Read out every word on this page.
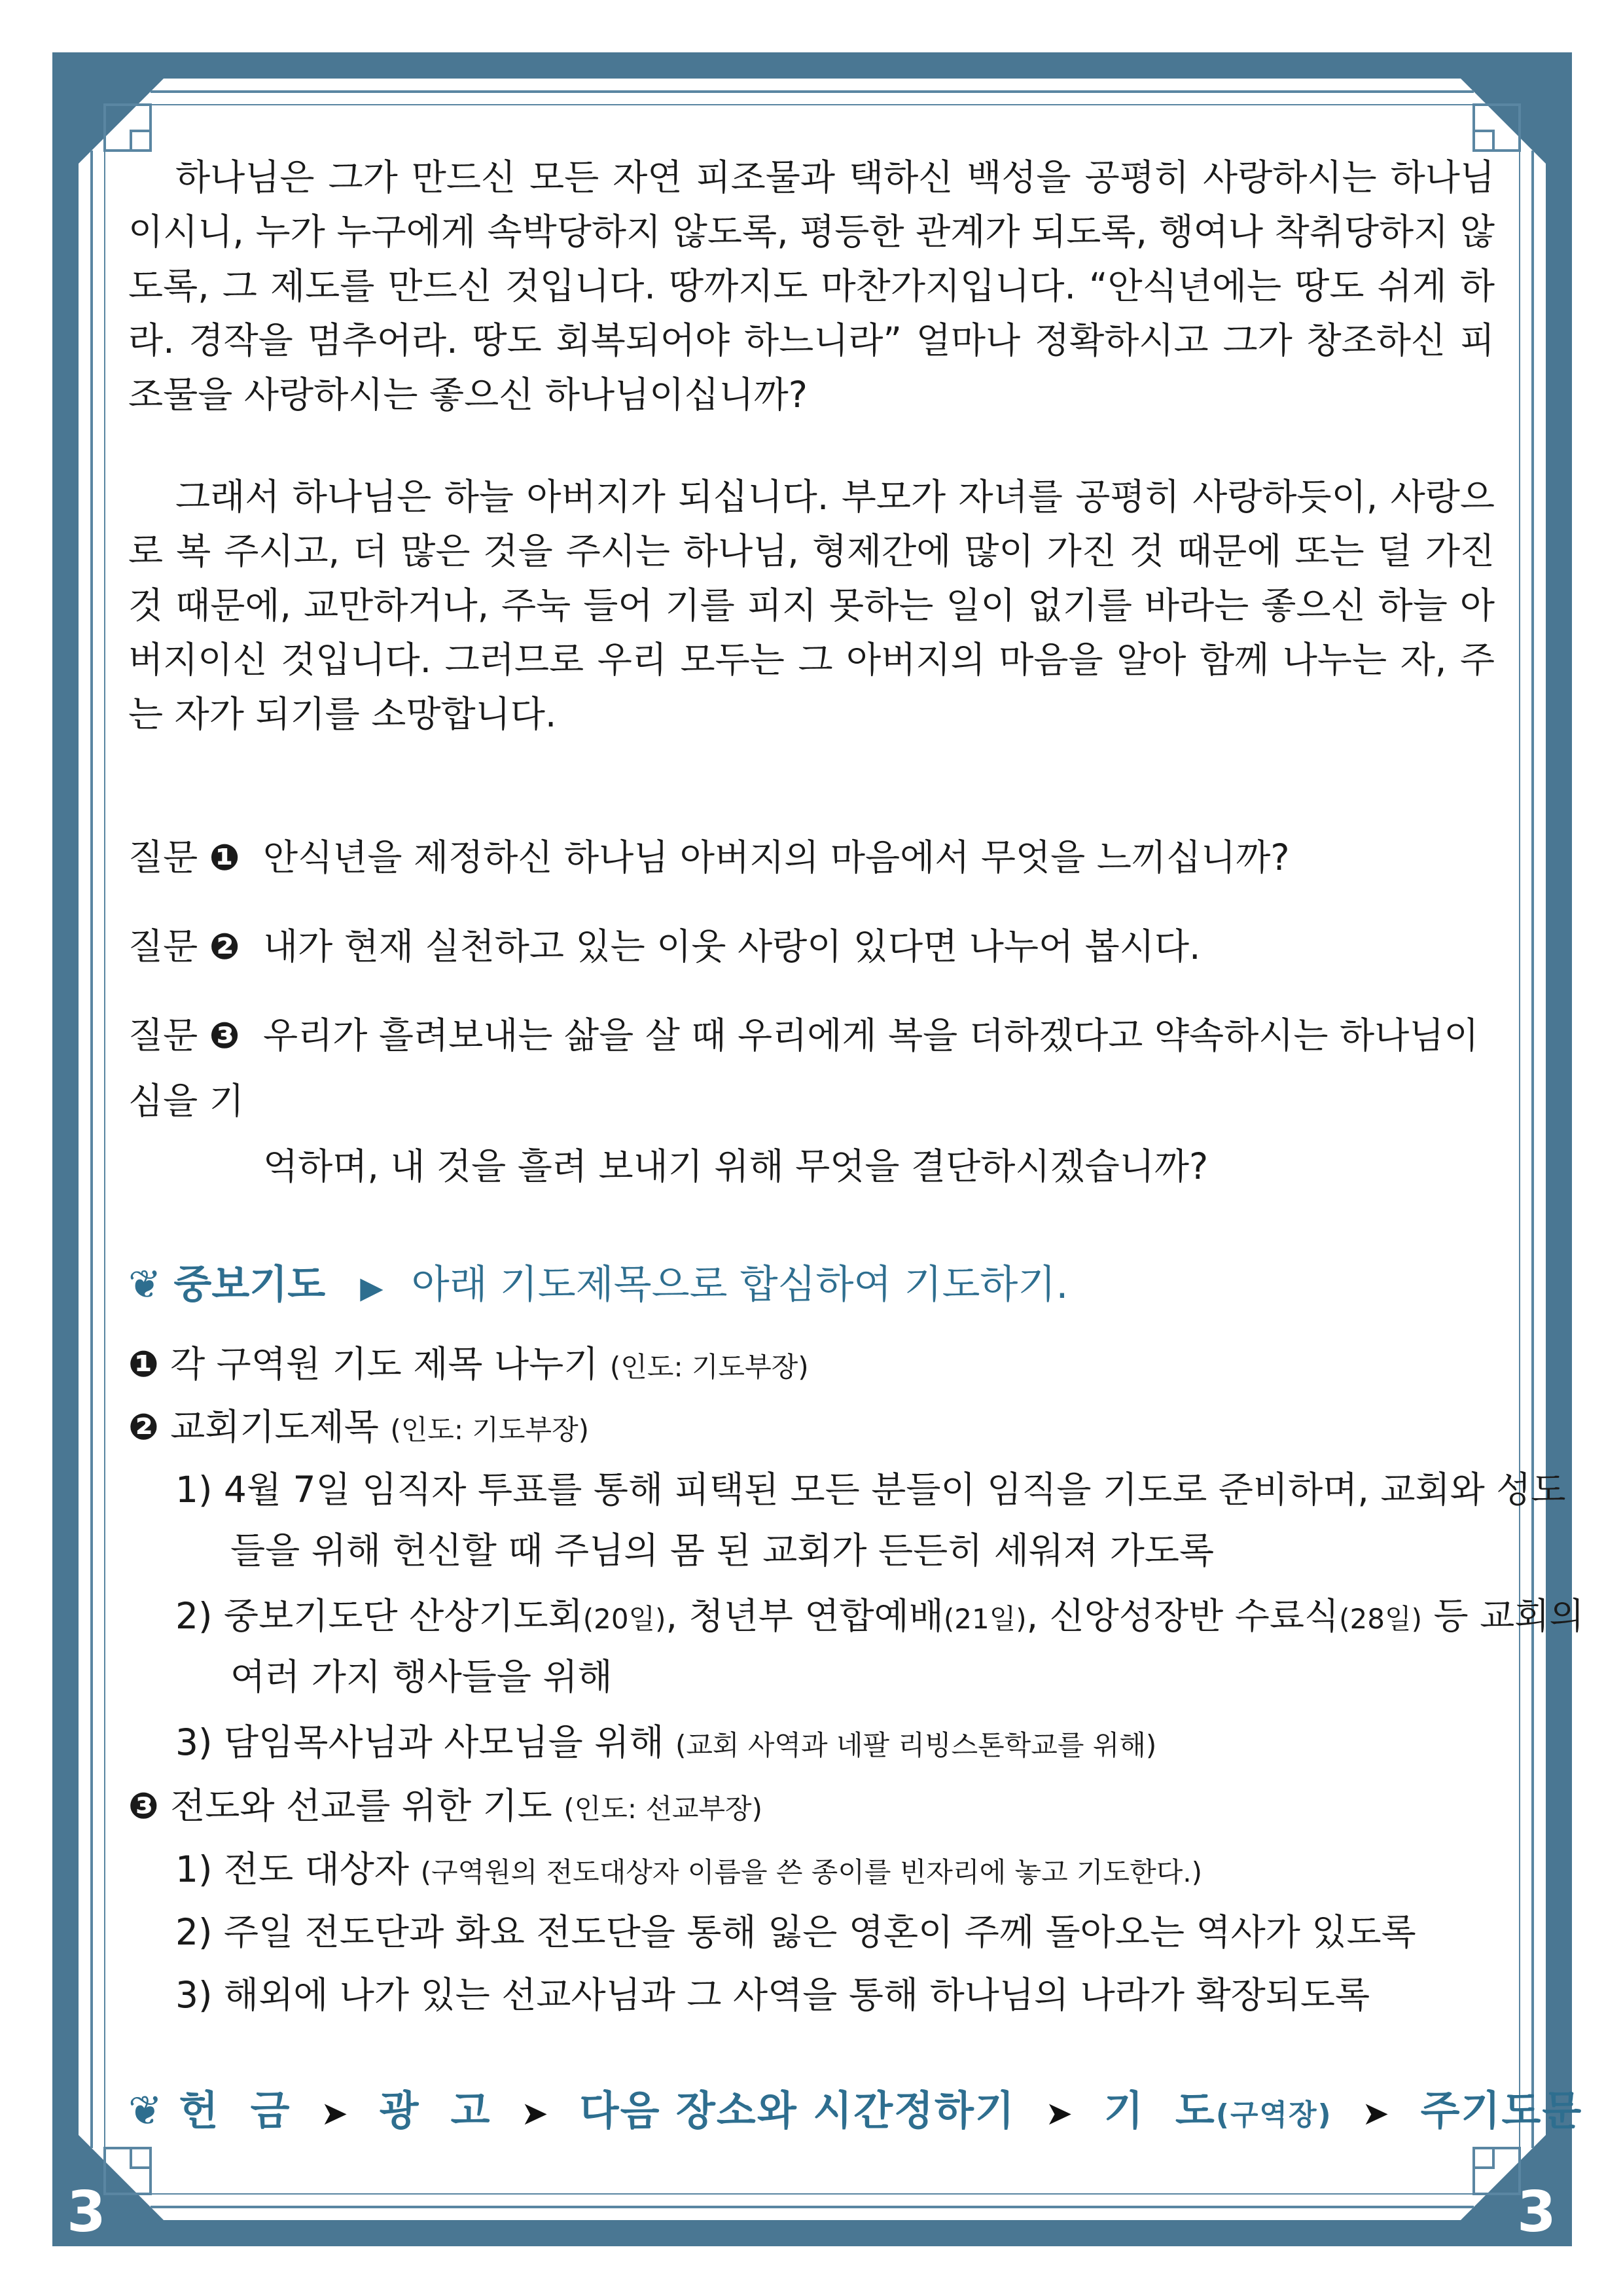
하나님은 그가 만드신 모든 자연 피조물과 택하신 백성을 공평히 사랑하시는 하나님이시니, 누가 누구에게 속박당하지 않도록, 평등한 관계가 되도록, 행여나 착취당하지 않도록, 그 제도를 만드신 것입니다. 땅까지도 마찬가지입니다. “안식년에는 땅도 쉬게 하라. 경작을 멈추어라. 땅도 회복되어야 하느니라” 얼마나 정확하시고 그가 창조하신 피조물을 사랑하시는 좋으신 하나님이십니까?

그래서 하나님은 하늘 아버지가 되십니다. 부모가 자녀를 공평히 사랑하듯이, 사랑으로 복 주시고, 더 많은 것을 주시는 하나님, 형제간에 많이 가진 것 때문에 또는 덜 가진 것 때문에, 교만하거나, 주눅 들어 기를 피지 못하는 일이 없기를 바라는 좋으신 하늘 아버지이신 것입니다. 그러므로 우리 모두는 그 아버지의 마음을 알아 함께 나누는 자, 주는 자가 되기를 소망합니다.

질문 ❶ 안식년을 제정하신 하나님 아버지의 마음에서 무엇을 느끼십니까?
질문 ❷ 내가 현재 실천하고 있는 이웃 사랑이 있다면 나누어 봅시다.
질문 ❸ 우리가 흘려보내는 삶을 살 때 우리에게 복을 더하겠다고 약속하시는 하나님이심을 기
억하며, 내 것을 흘려 보내기 위해 무엇을 결단하시겠습니까?
❦ 중보기도 ▶ 아래 기도제목으로 합심하여 기도하기.
❶ 각 구역원 기도 제목 나누기 (인도: 기도부장)
❷ 교회기도제목 (인도: 기도부장)
1) 4월 7일 임직자 투표를 통해 피택된 모든 분들이 임직을 기도로 준비하며, 교회와 성도
들을 위해 헌신할 때 주님의 몸 된 교회가 든든히 세워져 가도록
2) 중보기도단 산상기도회(20일), 청년부 연합예배(21일), 신앙성장반 수료식(28일) 등 교회의
여러 가지 행사들을 위해
3) 담임목사님과 사모님을 위해 (교회 사역과 네팔 리빙스톤학교를 위해)
❸ 전도와 선교를 위한 기도 (인도: 선교부장)
1) 전도 대상자 (구역원의 전도대상자 이름을 쓴 종이를 빈자리에 놓고 기도한다.)
2) 주일 전도단과 화요 전도단을 통해 잃은 영혼이 주께 돌아오는 역사가 있도록
3) 해외에 나가 있는 선교사님과 그 사역을 통해 하나님의 나라가 확장되도록
❦ 헌  금 ➤ 광  고 ➤ 다음 장소와 시간정하기 ➤ 기  도(구역장) ➤ 주기도문
3	3
